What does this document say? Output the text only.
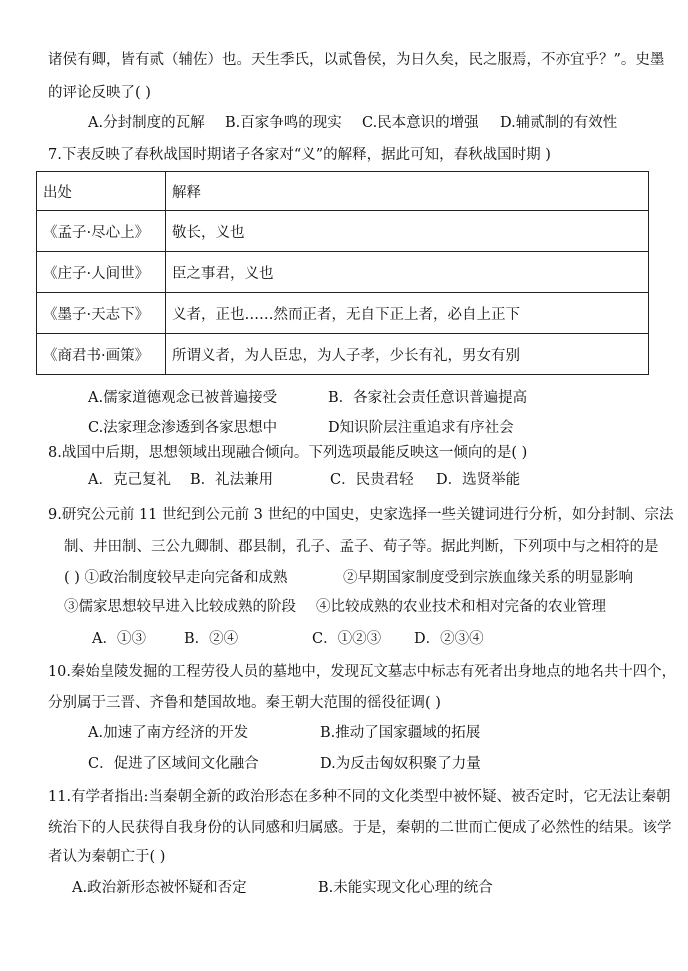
诸侯有卿，皆有贰（辅佐）也。天生季氏，以贰鲁侯，为日久矣，民之服焉，不亦宜乎？”。史墨
的评论反映了( )
A.分封制度的瓦解 B.百家争鸣的现实 C.民本意识的增强 D.辅贰制的有效性
7.下表反映了春秋战国时期诸子各家对“义”的解释，据此可知，春秋战国时期 )
出处	解释
《孟子·尽心上》	敬长，义也
《庄子·人间世》	臣之事君，义也
《墨子·天志下》	义者，正也……然而正者，无自下正上者，必自上正下
《商君书·画策》	所谓义者，为人臣忠，为人子孝，少长有礼，男女有别
A.儒家道德观念已被普遍接受	B．各家社会责任意识普遍提高
C.法家理念渗透到各家思想中	D知识阶层注重追求有序社会
8.战国中后期，思想领域出现融合倾向。下列选项最能反映这一倾向的是( )
A．克己复礼 B．礼法兼用	C．民贵君轻 D．选贤举能
9.研究公元前 11 世纪到公元前 3 世纪的中国史，史家选择一些关键词进行分析，如分封制、宗法
制、井田制、三公九卿制、郡县制，孔子、孟子、荀子等。据此判断，下列项中与之相符的是
( ) ①政治制度较早走向完备和成熟	②早期国家制度受到宗族血缘关系的明显影响
③儒家思想较早进入比较成熟的阶段 ④比较成熟的农业技术和相对完备的农业管理
A．①③	B．②④	C．①②③ D．②③④
10.秦始皇陵发掘的工程劳役人员的墓地中，发现瓦文墓志中标志有死者出身地点的地名共十四个，
分别属于三晋、齐鲁和楚国故地。秦王朝大范围的徭役征调( )
A.加速了南方经济的开发	B.推动了国家疆域的拓展
C．促进了区域间文化融合	D.为反击匈奴积聚了力量
11.有学者指出:当秦朝全新的政治形态在多种不同的文化类型中被怀疑、被否定时，它无法让秦朝
统治下的人民获得自我身份的认同感和归属感。于是，秦朝的二世而亡便成了必然性的结果。该学
者认为秦朝亡于( )
A.政治新形态被怀疑和否定	B.未能实现文化心理的统合
